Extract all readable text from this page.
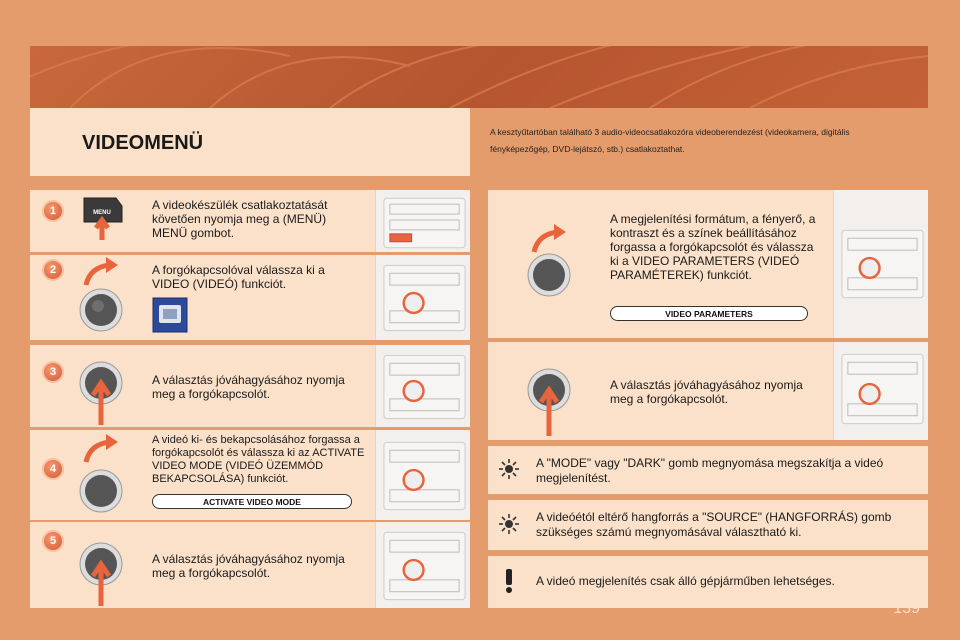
VIDEOMENÜ	A kesztyűtartóban található 3 audio-videocsatlakozóra videoberendezést (videokamera, digitális fényképezőgép, DVD-lejátszó, stb.) csatlakoztathat.
1	MENU
A videokészülék csatlakoztatását követően nyomja meg a (MENÜ) MENÜ gombot.
2	A forgókapcsolóval válassza ki a VIDEO (VIDEÓ) funkciót.
3
A választás jóváhagyásához nyomja meg a forgókapcsolót.
4
A videó ki- és bekapcsolásához forgassa a forgókapcsolót és válassza ki az ACTIVATE VIDEO MODE (VIDEÓ ÜZEMMÓD BEKAPCSOLÁSA) funkciót.
ACTIVATE VIDEO MODE
5
A választás jóváhagyásához nyomja meg a forgókapcsolót.
A megjelenítési formátum, a fényerő, a kontraszt és a színek beállításához forgassa a forgókapcsolót és válassza ki a VIDEO PARAMETERS (VIDEÓ PARAMÉTEREK) funkciót.
VIDEO PARAMETERS
A választás jóváhagyásához nyomja meg a forgókapcsolót.
A "MODE" vagy "DARK" gomb megnyomása megszakítja a videó megjelenítést.
A videóétól eltérő hangforrás a "SOURCE" (HANGFORRÁS) gomb szükséges számú megnyomásával választható ki.
A videó megjelenítés csak álló gépjárműben lehetséges.
139
